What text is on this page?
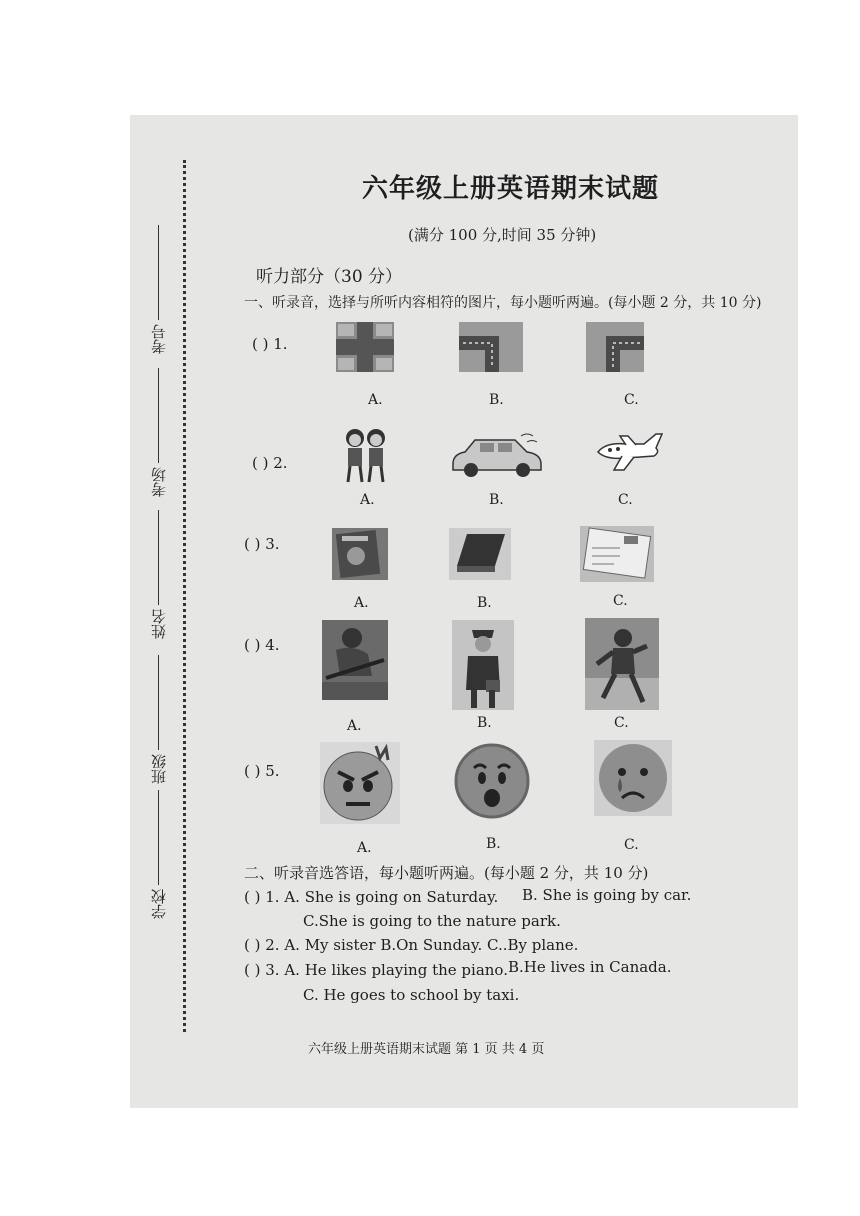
考号
考场
姓名
班级
学校
六年级上册英语期末试题
(满分 100 分,时间 35 分钟)
听力部分（30 分）
一、听录音，选择与所听内容相符的图片，每小题听两遍。(每小题 2 分，共 10 分)
( ) 1.
A.	B.	C.
( ) 2.
A.	B.	C.
( ) 3.
A.	B.	C.
( ) 4.
A.	B.	C.
( ) 5.
A.	B.	C.
二、听录音选答语，每小题听两遍。(每小题 2 分，共 10 分)
( ) 1. A. She is going on Saturday. B. She is going by car.
C.She is going to the nature park.
( ) 2. A. My sister B.On Sunday. C..By plane.
( ) 3. A. He likes playing the piano. B.He lives in Canada.
C. He goes to school by taxi.
六年级上册英语期末试题 第 1 页 共 4 页
